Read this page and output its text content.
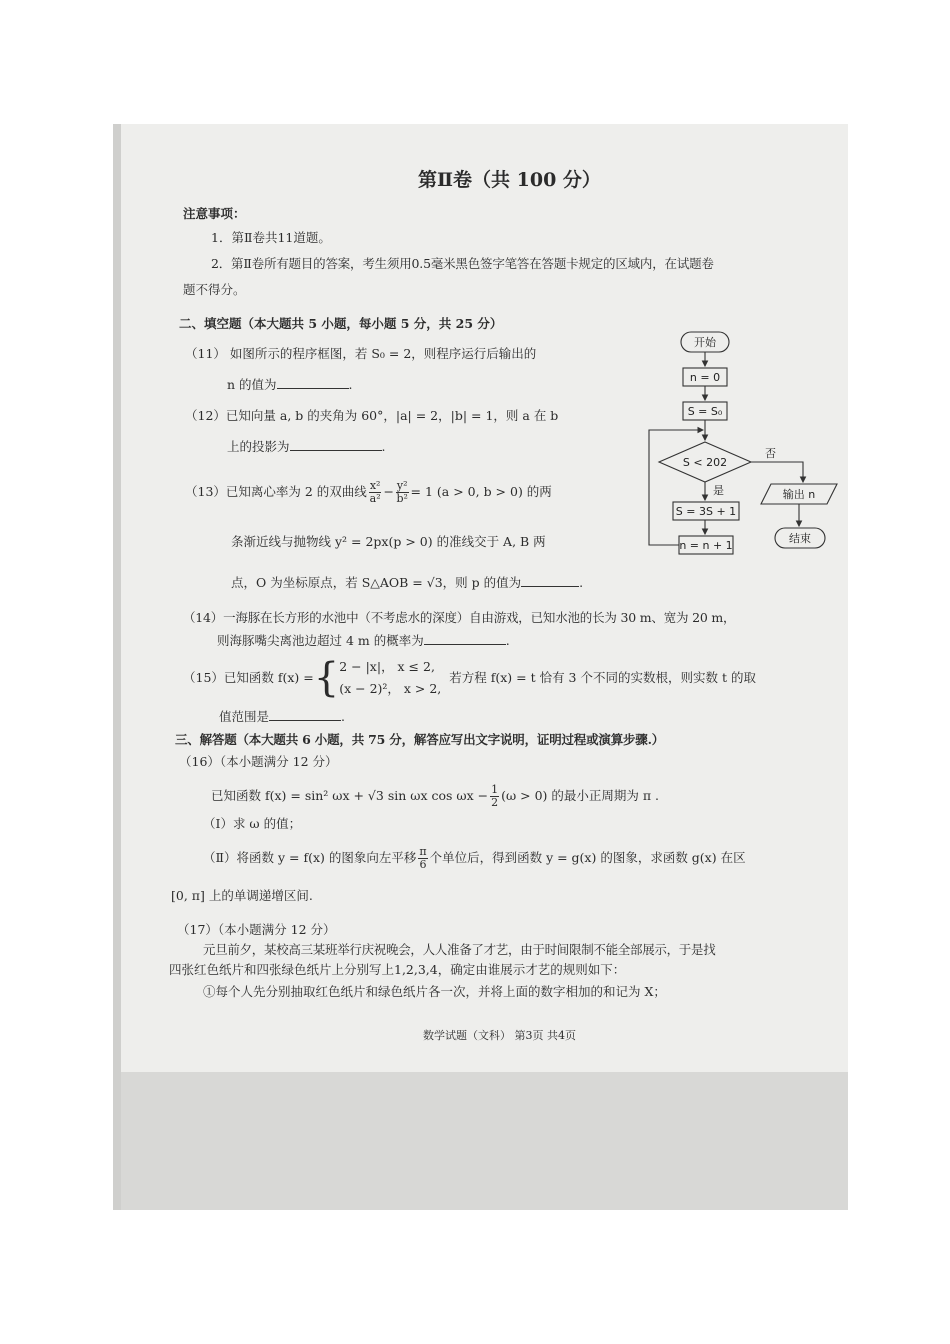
第Ⅱ卷（共 100 分）
注意事项：
1．第Ⅱ卷共11道题。
2．第Ⅱ卷所有题目的答案，考生须用0.5毫米黑色签字笔答在答题卡规定的区域内，在试题卷
题不得分。
二、填空题（本大题共 5 小题，每小题 5 分，共 25 分）
（11） 如图所示的程序框图，若 S₀ = 2，则程序运行后输出的
n 的值为	.
（12）已知向量 a, b 的夹角为 60°，|a| = 2，|b| = 1，则 a 在 b
上的投影为	.
（13）已知离心率为 2 的双曲线 $\frac{\text{x²}}{\text{a²}} - \frac{\text{y²}}{\text{b²}} = 1$ (a > 0, b > 0) 的两
条渐近线与抛物线 y² = 2px(p > 0) 的准线交于 A, B 两
点，O 为坐标原点，若 S△AOB = √3，则 p 的值为	.
（14）一海豚在长方形的水池中（不考虑水的深度）自由游戏，已知水池的长为 30 m、宽为 20 m，
则海豚嘴尖离池边超过 4 m 的概率为	.
（15）已知函数 f(x) ={ 2 − |x|， x ≤ 2,
(x − 2)²， x > 2,
若方程 f(x) = t 恰有 3 个不同的实数根，则实数 t 的取
值范围是	.
三、解答题（本大题共 6 小题，共 75 分，解答应写出文字说明，证明过程或演算步骤.）
（16）（本小题满分 12 分）
已知函数 f(x) = sin² ωx + √3 sin ωx $\cos \omega x - \frac{1}{2} (\omega > 0)$ 的最小正周期为 π .
（Ⅰ）求 ω 的值；
（Ⅱ）将函数 y = f(x) 的图象向左平移 $\frac{\pi}{6}$ 个单位后，得到函数 y = g(x) 的图象，求函数 g(x) 在区
[0, π] 上的单调递增区间.
（17）（本小题满分 12 分）
元旦前夕，某校高三某班举行庆祝晚会，人人准备了才艺，由于时间限制不能全部展示，于是找
四张红色纸片和四张绿色纸片上分别写上1,2,3,4，确定由谁展示才艺的规则如下：
①每个人先分别抽取红色纸片和绿色纸片各一次，并将上面的数字相加的和记为 X；
数学试题（文科） 第3页 共4页
开始
n = 0
S = S₀
S < 202
是
否
S = 3S + 1
n = n + 1
输出 n
结束
